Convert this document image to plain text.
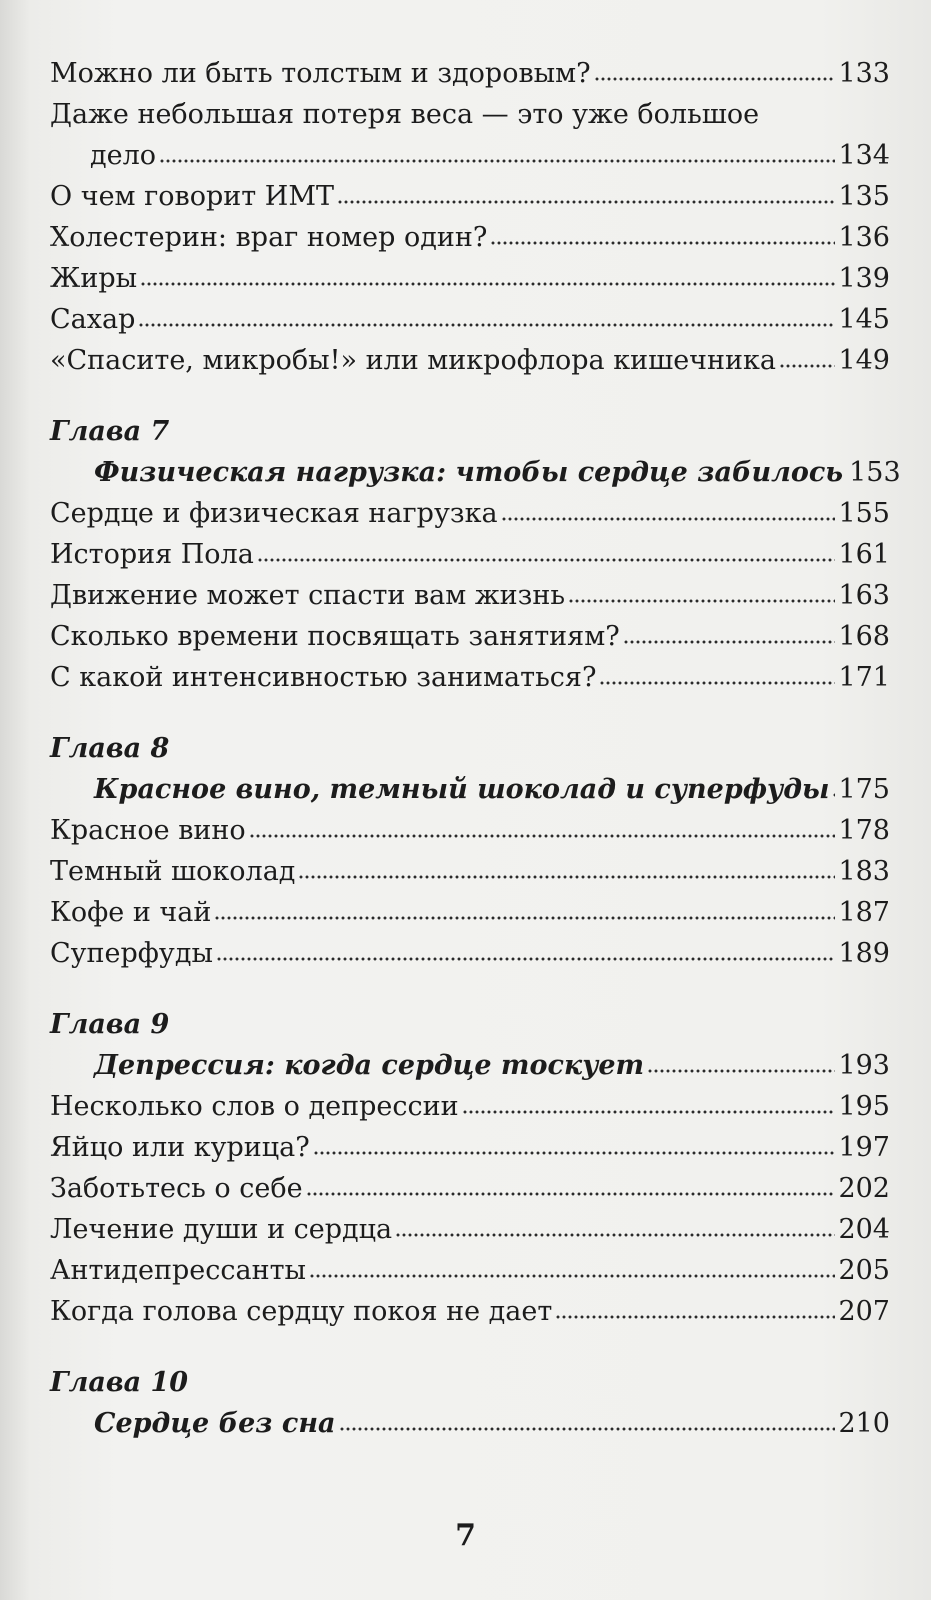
Можно ли быть толстым и здоровым?	133
Даже небольшая потеря веса — это уже большое
дело	134
О чем говорит ИМТ	135
Холестерин: враг номер один?	136
Жиры	139
Сахар	145
«Спасите, микробы!» или микрофлора кишечника 149
Глава 7
Физическая нагрузка: чтобы сердце забилось 153
Сердце и физическая нагрузка	155
История Пола	161
Движение может спасти вам жизнь	163
Сколько времени посвящать занятиям?	168
С какой интенсивностью заниматься?	171
Глава 8
Красное вино, темный шоколад и суперфуды 175
Красное вино	178
Темный шоколад	183
Кофе и чай	187
Суперфуды	189
Глава 9
Депрессия: когда сердце тоскует	193
Несколько слов о депрессии	195
Яйцо или курица?	197
Заботьтесь о себе	202
Лечение души и сердца	204
Антидепрессанты	205
Когда голова сердцу покоя не дает	207
Глава 10
Сердце без сна	210
7
